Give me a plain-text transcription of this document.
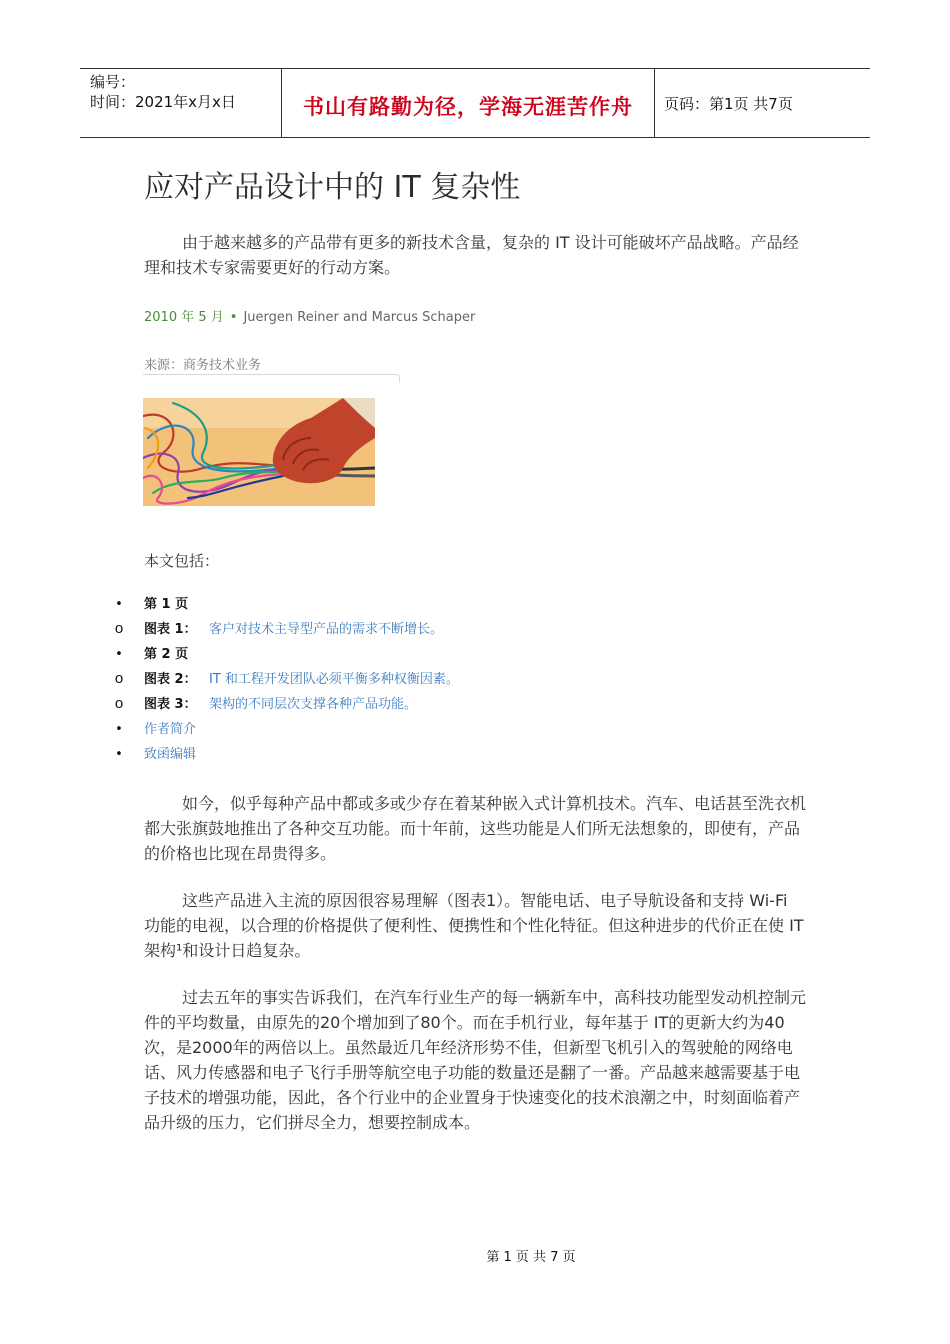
编号：
时间：2021年x月x日	书山有路勤为径，学海无涯苦作舟	页码：第1页 共7页
应对产品设计中的 IT 复杂性

由于越来越多的产品带有更多的新技术含量，复杂的 IT 设计可能破坏产品战略。产品经理和技术专家需要更好的行动方案。

2010 年 5 月 • Juergen Reiner and Marcus Schaper
来源：商务技术业务
本文包括：
• 第 1 页
o 图表 1： 客户对技术主导型产品的需求不断增长。
• 第 2 页
o 图表 2： IT 和工程开发团队必须平衡多种权衡因素。
o 图表 3： 架构的不同层次支撑各种产品功能。
• 作者简介
• 致函编辑

如今，似乎每种产品中都或多或少存在着某种嵌入式计算机技术。汽车、电话甚至洗衣机都大张旗鼓地推出了各种交互功能。而十年前，这些功能是人们所无法想象的，即使有，产品的价格也比现在昂贵得多。

这些产品进入主流的原因很容易理解（图表1）。智能电话、电子导航设备和支持 Wi-Fi 功能的电视，以合理的价格提供了便利性、便携性和个性化特征。但这种进步的代价正在使 IT 架构¹和设计日趋复杂。

过去五年的事实告诉我们，在汽车行业生产的每一辆新车中，高科技功能型发动机控制元件的平均数量，由原先的20个增加到了80个。而在手机行业，每年基于 IT的更新大约为40次，是2000年的两倍以上。虽然最近几年经济形势不佳，但新型飞机引入的驾驶舱的网络电话、风力传感器和电子飞行手册等航空电子功能的数量还是翻了一番。产品越来越需要基于电子技术的增强功能，因此，各个行业中的企业置身于快速变化的技术浪潮之中，时刻面临着产品升级的压力，它们拼尽全力，想要控制成本。

第 1 页 共 7 页
